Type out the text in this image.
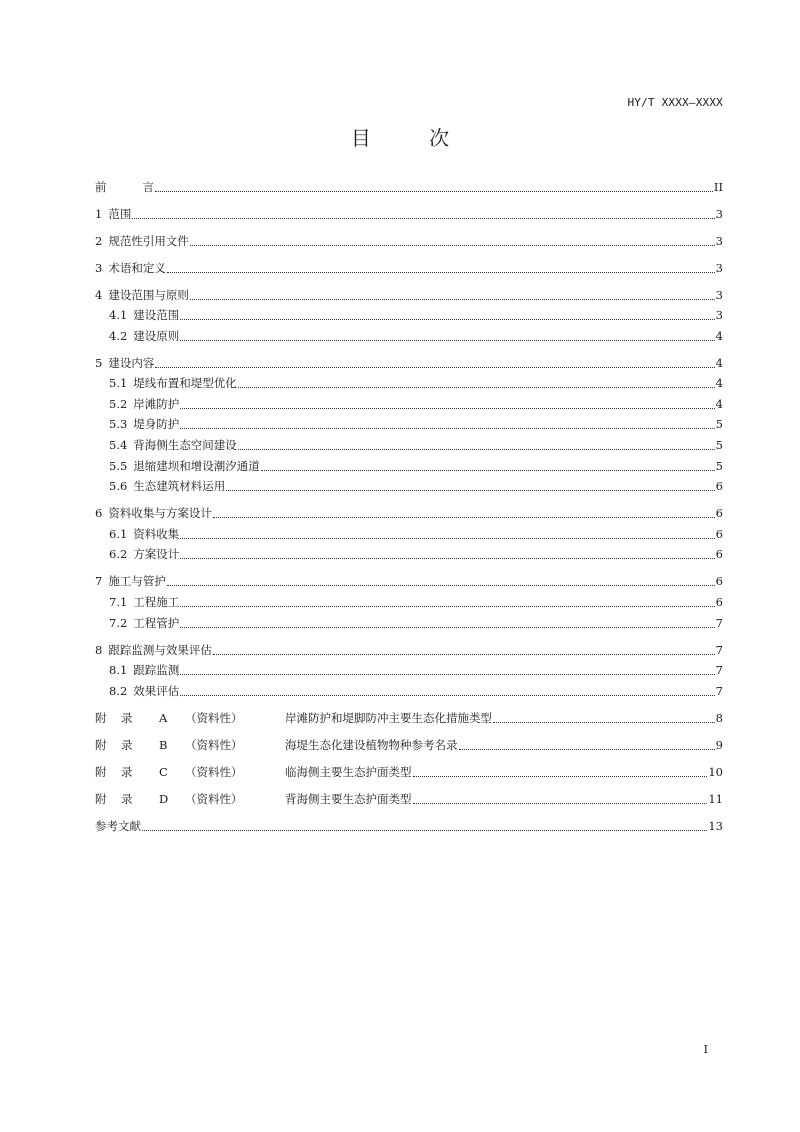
HY/T XXXX—XXXX
目 次
前	言	II
1 范围	3
2 规范性引用文件	3
3 术语和定义	3
4 建设范围与原则	3
4.1 建设范围	3
4.2 建设原则	4
5 建设内容	4
5.1 堤线布置和堤型优化	4
5.2 岸滩防护	4
5.3 堤身防护	5
5.4 背海侧生态空间建设	5
5.5 退缩建坝和增设潮汐通道	5
5.6 生态建筑材料运用	6
6 资料收集与方案设计	6
6.1 资料收集	6
6.2 方案设计	6
7 施工与管护	6
7.1 工程施工	6
7.2 工程管护	7
8 跟踪监测与效果评估	7
8.1 跟踪监测	7
8.2 效果评估	7
附 录 A （资料性）	岸滩防护和堤脚防冲主要生态化措施类型	8
附 录 B （资料性）	海堤生态化建设植物物种参考名录	9
附 录 C （资料性）	临海侧主要生态护面类型	10
附 录 D （资料性）	背海侧主要生态护面类型	11
参考文献	13
I
